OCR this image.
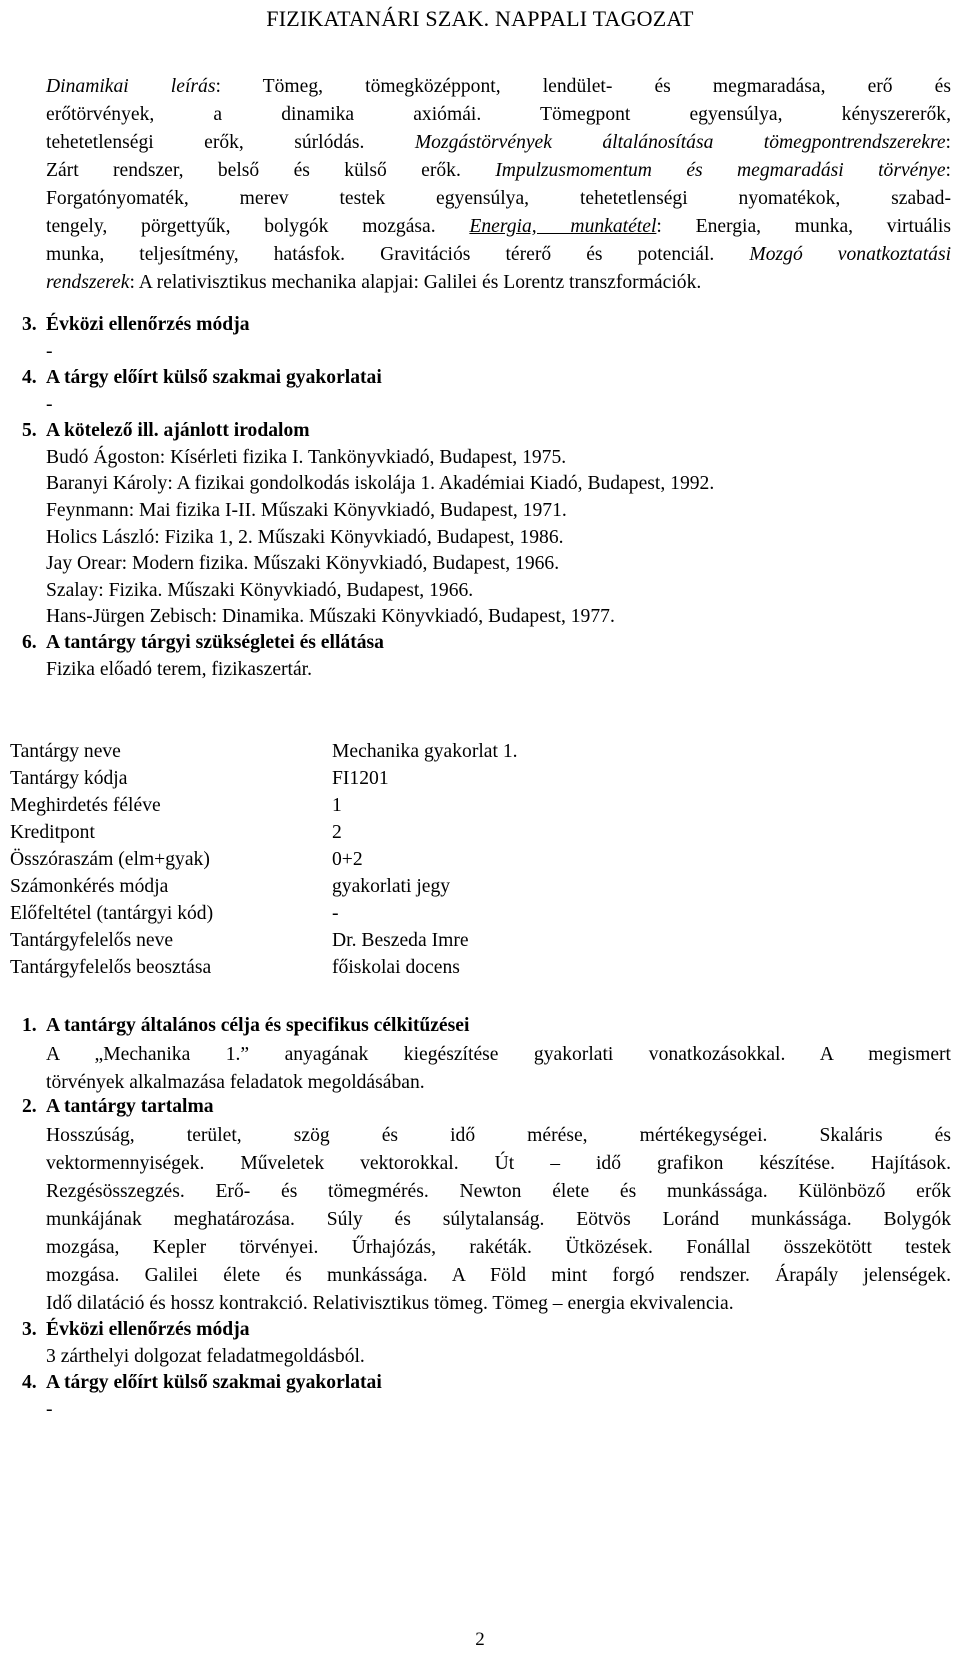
FIZIKATANÁRI SZAK. NAPPALI TAGOZAT
Dinamikai leírás: Tömeg, tömegközéppont, lendület- és megmaradása, erő és
erőtörvények, a dinamika axiómái. Tömegpont egyensúlya, kényszererők,
tehetetlenségi erők, súrlódás. Mozgástörvények általánosítása tömegpontrendszerekre:
Zárt rendszer, belső és külső erők. Impulzusmomentum és megmaradási törvénye:
Forgatónyomaték, merev testek egyensúlya, tehetetlenségi nyomatékok, szabad-
tengely, pörgettyűk, bolygók mozgása. Energia, munkatétel: Energia, munka, virtuális
munka, teljesítmény, hatásfok. Gravitációs térerő és potenciál. Mozgó vonatkoztatási
rendszerek: A relativisztikus mechanika alapjai: Galilei és Lorentz transzformációk.
3. Évközi ellenőrzés módja
-
4. A tárgy előírt külső szakmai gyakorlatai
-
5. A kötelező ill. ajánlott irodalom
Budó Ágoston: Kísérleti fizika I. Tankönyvkiadó, Budapest, 1975.
Baranyi Károly: A fizikai gondolkodás iskolája 1. Akadémiai Kiadó, Budapest, 1992.
Feynmann: Mai fizika I-II. Műszaki Könyvkiadó, Budapest, 1971.
Holics László: Fizika 1, 2. Műszaki Könyvkiadó, Budapest, 1986.
Jay Orear: Modern fizika. Műszaki Könyvkiadó, Budapest, 1966.
Szalay: Fizika. Műszaki Könyvkiadó, Budapest, 1966.
Hans-Jürgen Zebisch: Dinamika. Műszaki Könyvkiadó, Budapest, 1977.
6. A tantárgy tárgyi szükségletei és ellátása
Fizika előadó terem, fizikaszertár.
Tantárgy neve	Mechanika gyakorlat 1.
Tantárgy kódja	FI1201
Meghirdetés féléve	1
Kreditpont	2
Összóraszám (elm+gyak)	0+2
Számonkérés módja	gyakorlati jegy
Előfeltétel (tantárgyi kód)	-
Tantárgyfelelős neve	Dr. Beszeda Imre
Tantárgyfelelős beosztása	főiskolai docens
1. A tantárgy általános célja és specifikus célkitűzései
A „Mechanika 1.” anyagának kiegészítése gyakorlati vonatkozásokkal. A megismert
törvények alkalmazása feladatok megoldásában.
2. A tantárgy tartalma
Hosszúság, terület, szög és idő mérése, mértékegységei. Skaláris és
vektormennyiségek. Műveletek vektorokkal. Út – idő grafikon készítése. Hajítások.
Rezgésösszegzés. Erő- és tömegmérés. Newton élete és munkássága. Különböző erők
munkájának meghatározása. Súly és súlytalanság. Eötvös Loránd munkássága. Bolygók
mozgása, Kepler törvényei. Űrhajózás, rakéták. Ütközések. Fonállal összekötött testek
mozgása. Galilei élete és munkássága. A Föld mint forgó rendszer. Árapály jelenségek.
Idő dilatáció és hossz kontrakció. Relativisztikus tömeg. Tömeg – energia ekvivalencia.
3. Évközi ellenőrzés módja
3 zárthelyi dolgozat feladatmegoldásból.
4. A tárgy előírt külső szakmai gyakorlatai
-
2
